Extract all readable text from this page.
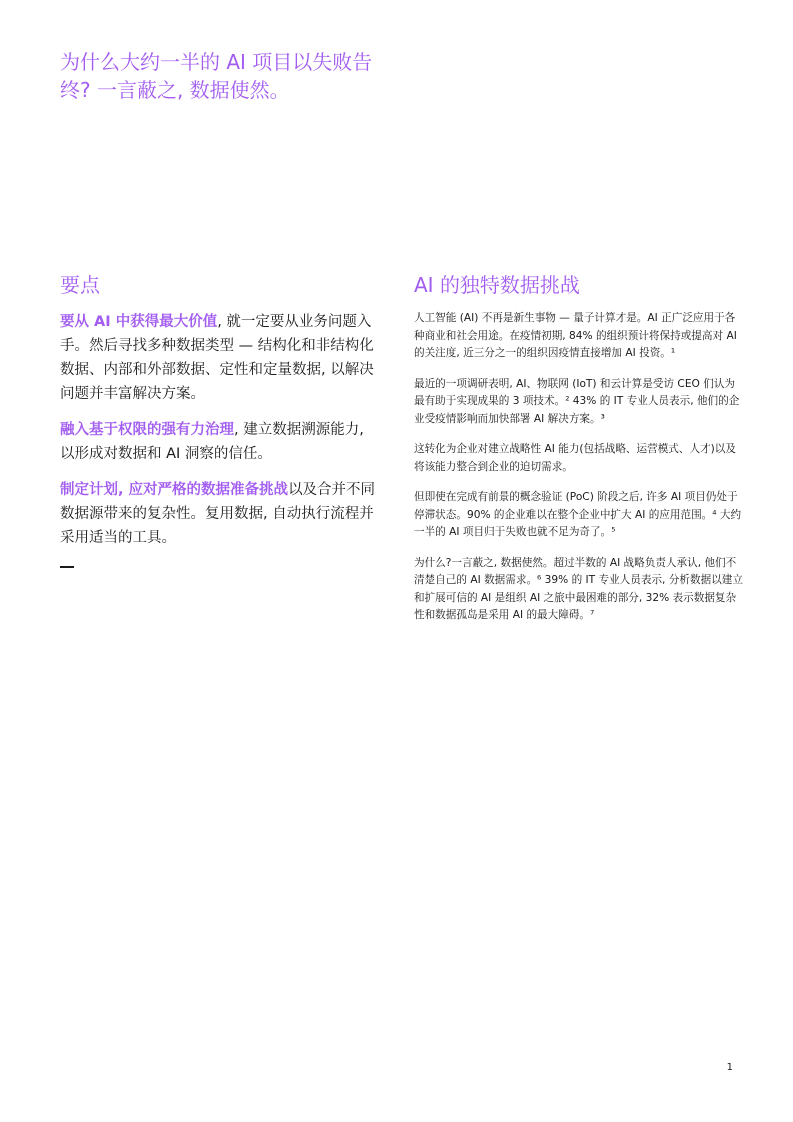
为什么大约一半的 AI 项目以失败告终? 一言蔽之, 数据使然。
要点

要从 AI 中获得最大价值, 就一定要从业务问题入手。然后寻找多种数据类型 — 结构化和非结构化数据、内部和外部数据、定性和定量数据, 以解决问题并丰富解决方案。

融入基于权限的强有力治理, 建立数据溯源能力, 以形成对数据和 AI 洞察的信任。

制定计划, 应对严格的数据准备挑战以及合并不同数据源带来的复杂性。复用数据, 自动执行流程并采用适当的工具。

AI 的独特数据挑战

人工智能 (AI) 不再是新生事物 — 量子计算才是。AI 正广泛应用于各种商业和社会用途。在疫情初期, 84% 的组织预计将保持或提高对 AI 的关注度, 近三分之一的组织因疫情直接增加 AI 投资。¹

最近的一项调研表明, AI、物联网 (IoT) 和云计算是受访 CEO 们认为最有助于实现成果的 3 项技术。² 43% 的 IT 专业人员表示, 他们的企业受疫情影响而加快部署 AI 解决方案。³

这转化为企业对建立战略性 AI 能力(包括战略、运营模式、人才)以及将该能力整合到企业的迫切需求。

但即使在完成有前景的概念验证 (PoC) 阶段之后, 许多 AI 项目仍处于停滞状态。90% 的企业难以在整个企业中扩大 AI 的应用范围。⁴ 大约一半的 AI 项目归于失败也就不足为奇了。⁵

为什么?一言蔽之, 数据使然。超过半数的 AI 战略负责人承认, 他们不清楚自己的 AI 数据需求。⁶ 39% 的 IT 专业人员表示, 分析数据以建立和扩展可信的 AI 是组织 AI 之旅中最困难的部分, 32% 表示数据复杂性和数据孤岛是采用 AI 的最大障碍。⁷

1
